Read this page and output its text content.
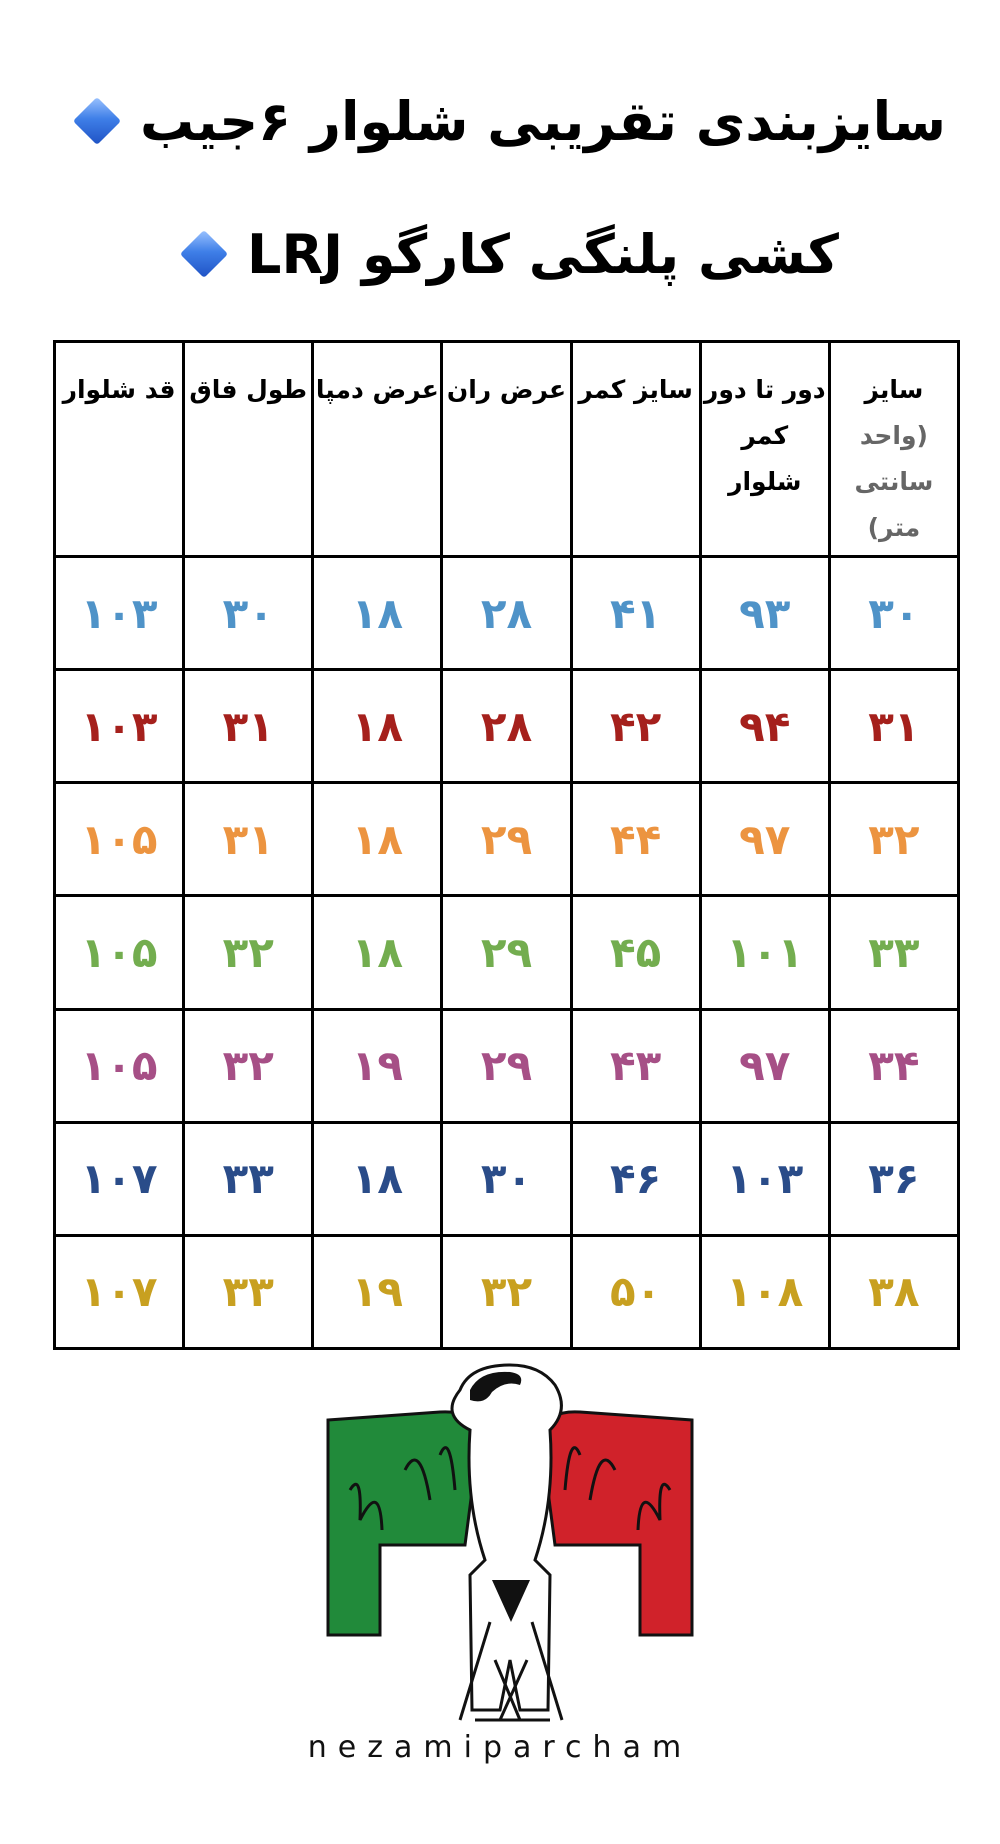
سایزبندی تقریبی شلوار ۶جیب
کشی پلنگی کارگو LRJ
سایز
(واحد سانتی متر)	دور تا دور کمر شلوار	سایز کمر	عرض ران	عرض دمپا	طول فاق	قد شلوار
۳۰	۹۳	۴۱	۲۸	۱۸	۳۰	۱۰۳
۳۱	۹۴	۴۲	۲۸	۱۸	۳۱	۱۰۳
۳۲	۹۷	۴۴	۲۹	۱۸	۳۱	۱۰۵
۳۳	۱۰۱	۴۵	۲۹	۱۸	۳۲	۱۰۵
۳۴	۹۷	۴۳	۲۹	۱۹	۳۲	۱۰۵
۳۶	۱۰۳	۴۶	۳۰	۱۸	۳۳	۱۰۷
۳۸	۱۰۸	۵۰	۳۲	۱۹	۳۳	۱۰۷
nezamiparcham
